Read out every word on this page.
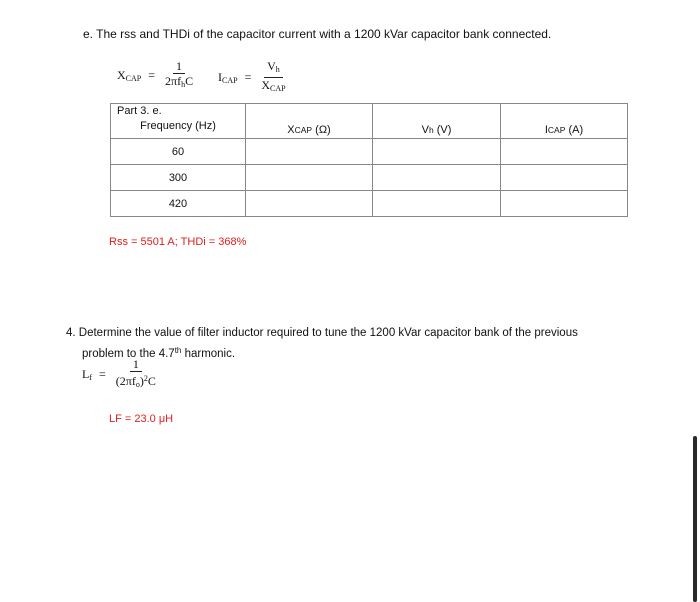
e. The rss and THDi of the capacitor current with a 1200 kVar capacitor bank connected.
$X_{CAP} = \frac{1}{2\pi f_hC} I_{CAP} = \frac{V_h}{X_{CAP}}$
Part 3. e.
Frequency (Hz)	XCAP (Ω)	Vh (V)	ICAP (A)
60			
300			
420			
Rss = 5501 A; THDi = 368%
4. Determine the value of filter inductor required to tune the 1200 kVar capacitor bank of the previous
problem to the 4.7th harmonic.
$L_f = \frac{1}{(2\pi f_o)^2C}$
LF = 23.0 μH
